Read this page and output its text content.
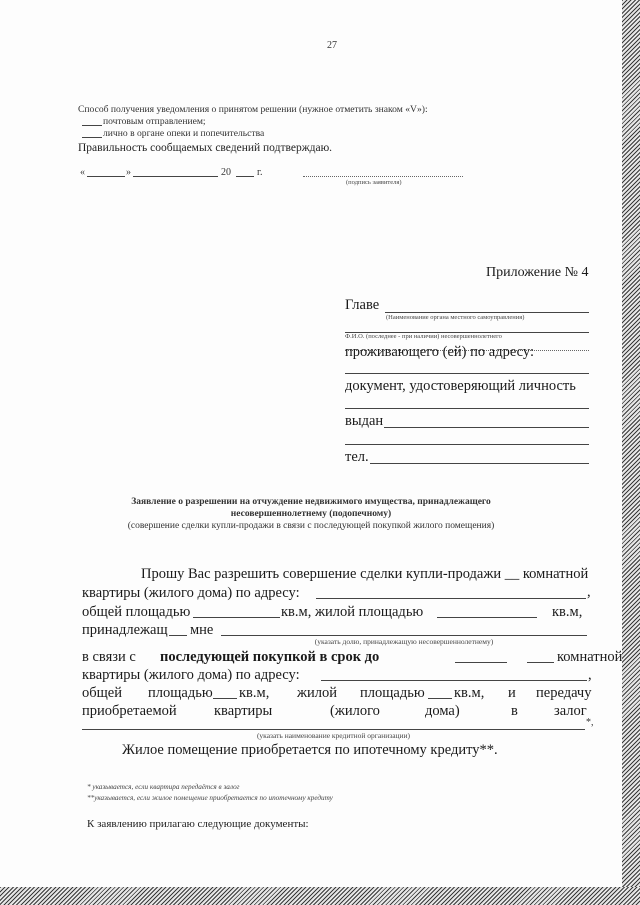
27
Способ получения уведомления о принятом решении (нужное отметить знаком «V»):
почтовым отправлением;
лично в органе опеки и попечительства
Правильность сообщаемых сведений подтверждаю.
«	»	20	г.
(подпись заявителя)
Приложение № 4
Главе
(Наименование органа местного самоуправления)
Ф.И.О. (последнее - при наличии) несовершеннолетнего
проживающего (ей) по адресу:
документ, удостоверяющий личность
выдан
тел.
Заявление о разрешении на отчуждение недвижимого имущества, принадлежащего
несовершеннолетнему (подопечному)
(совершение сделки купли-продажи в связи с последующей покупкой жилого помещения)
Прошу Вас разрешить совершение сделки купли-продажи __ комнатной
квартиры (жилого дома) по адресу:	,
общей площадью	кв.м, жилой площадью	кв.м,
принадлежащ мне
(указать долю, принадлежащую несовершеннолетнему)
в связи с последующей покупкой в срок до	комнатной
квартиры (жилого дома) по адресу:	,
общей площадью кв.м, жилой площадью кв.м, и передачу
приобретаемой	квартиры	(жилого	дома)	в залог
*,
(указать наименование кредитной организации)
Жилое помещение приобретается по ипотечному кредиту**.
* указывается, если квартира передаётся в залог
**указывается, если жилое помещение приобретается по ипотечному кредиту
К заявлению прилагаю следующие документы:
